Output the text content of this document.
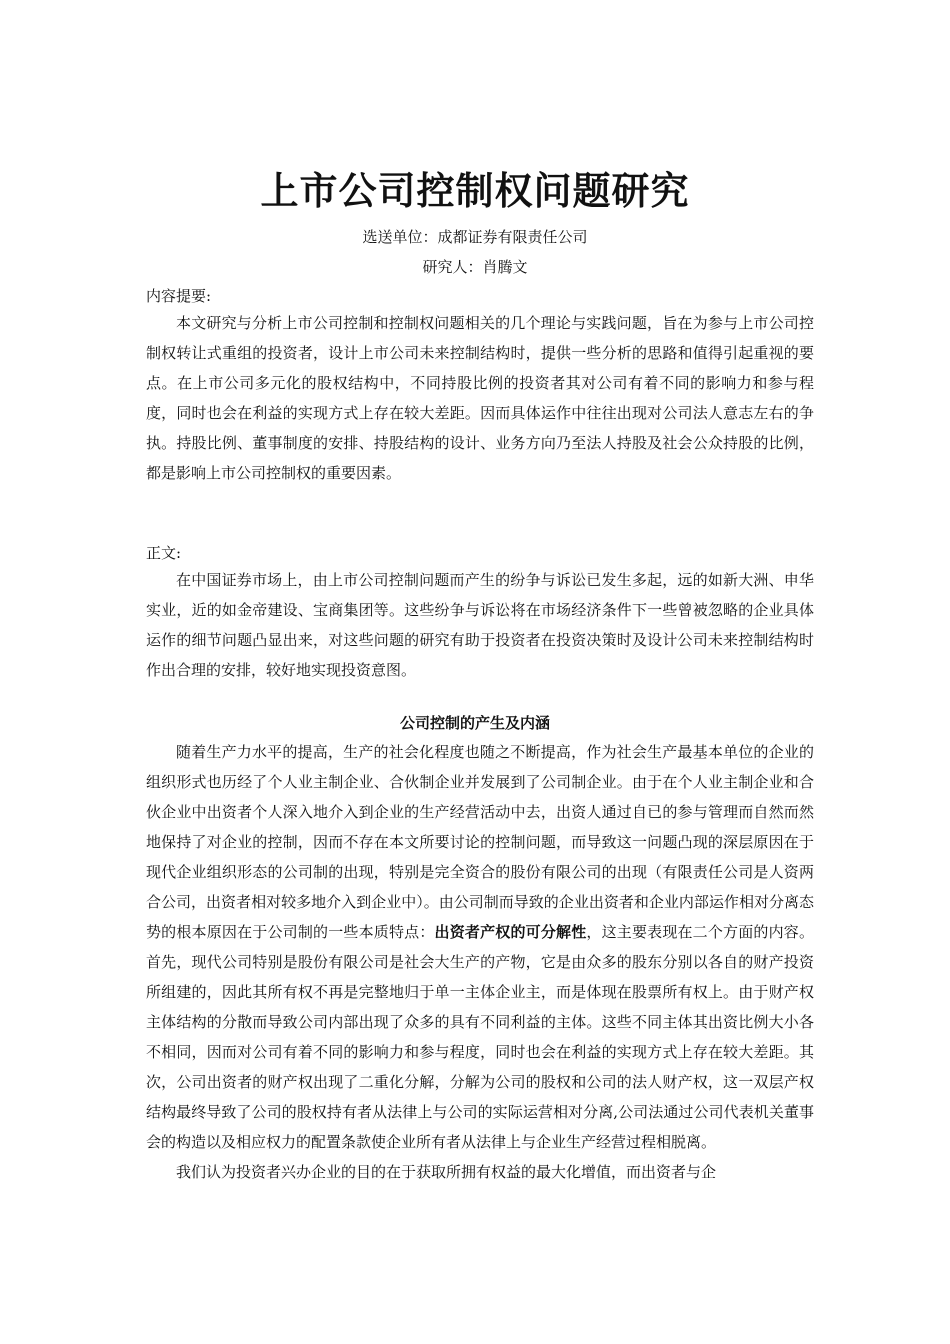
上市公司控制权问题研究
选送单位：成都证券有限责任公司
研究人：肖腾文
内容提要:

本文研究与分析上市公司控制和控制权问题相关的几个理论与实践问题，旨在为参与上市公司控制权转让式重组的投资者，设计上市公司未来控制结构时，提供一些分析的思路和值得引起重视的要点。在上市公司多元化的股权结构中，不同持股比例的投资者其对公司有着不同的影响力和参与程度，同时也会在利益的实现方式上存在较大差距。因而具体运作中往往出现对公司法人意志左右的争执。持股比例、董事制度的安排、持股结构的设计、业务方向乃至法人持股及社会公众持股的比例，都是影响上市公司控制权的重要因素。

正文:

在中国证券市场上，由上市公司控制问题而产生的纷争与诉讼已发生多起，远的如新大洲、申华实业，近的如金帝建设、宝商集团等。这些纷争与诉讼将在市场经济条件下一些曾被忽略的企业具体运作的细节问题凸显出来，对这些问题的研究有助于投资者在投资决策时及设计公司未来控制结构时作出合理的安排，较好地实现投资意图。

公司控制的产生及内涵

随着生产力水平的提高，生产的社会化程度也随之不断提高，作为社会生产最基本单位的企业的组织形式也历经了个人业主制企业、合伙制企业并发展到了公司制企业。由于在个人业主制企业和合伙企业中出资者个人深入地介入到企业的生产经营活动中去，出资人通过自已的参与管理而自然而然地保持了对企业的控制，因而不存在本文所要讨论的控制问题，而导致这一问题凸现的深层原因在于现代企业组织形态的公司制的出现，特别是完全资合的股份有限公司的出现（有限责任公司是人资两合公司，出资者相对较多地介入到企业中）。由公司制而导致的企业出资者和企业内部运作相对分离态势的根本原因在于公司制的一些本质特点：出资者产权的可分解性，这主要表现在二个方面的内容。首先，现代公司特别是股份有限公司是社会大生产的产物，它是由众多的股东分别以各自的财产投资所组建的，因此其所有权不再是完整地归于单一主体企业主，而是体现在股票所有权上。由于财产权主体结构的分散而导致公司内部出现了众多的具有不同利益的主体。这些不同主体其出资比例大小各不相同，因而对公司有着不同的影响力和参与程度，同时也会在利益的实现方式上存在较大差距。其次，公司出资者的财产权出现了二重化分解，分解为公司的股权和公司的法人财产权，这一双层产权结构最终导致了公司的股权持有者从法律上与公司的实际运营相对分离,公司法通过公司代表机关董事会的构造以及相应权力的配置条款使企业所有者从法律上与企业生产经营过程相脱离。

我们认为投资者兴办企业的目的在于获取所拥有权益的最大化增值，而出资者与企
